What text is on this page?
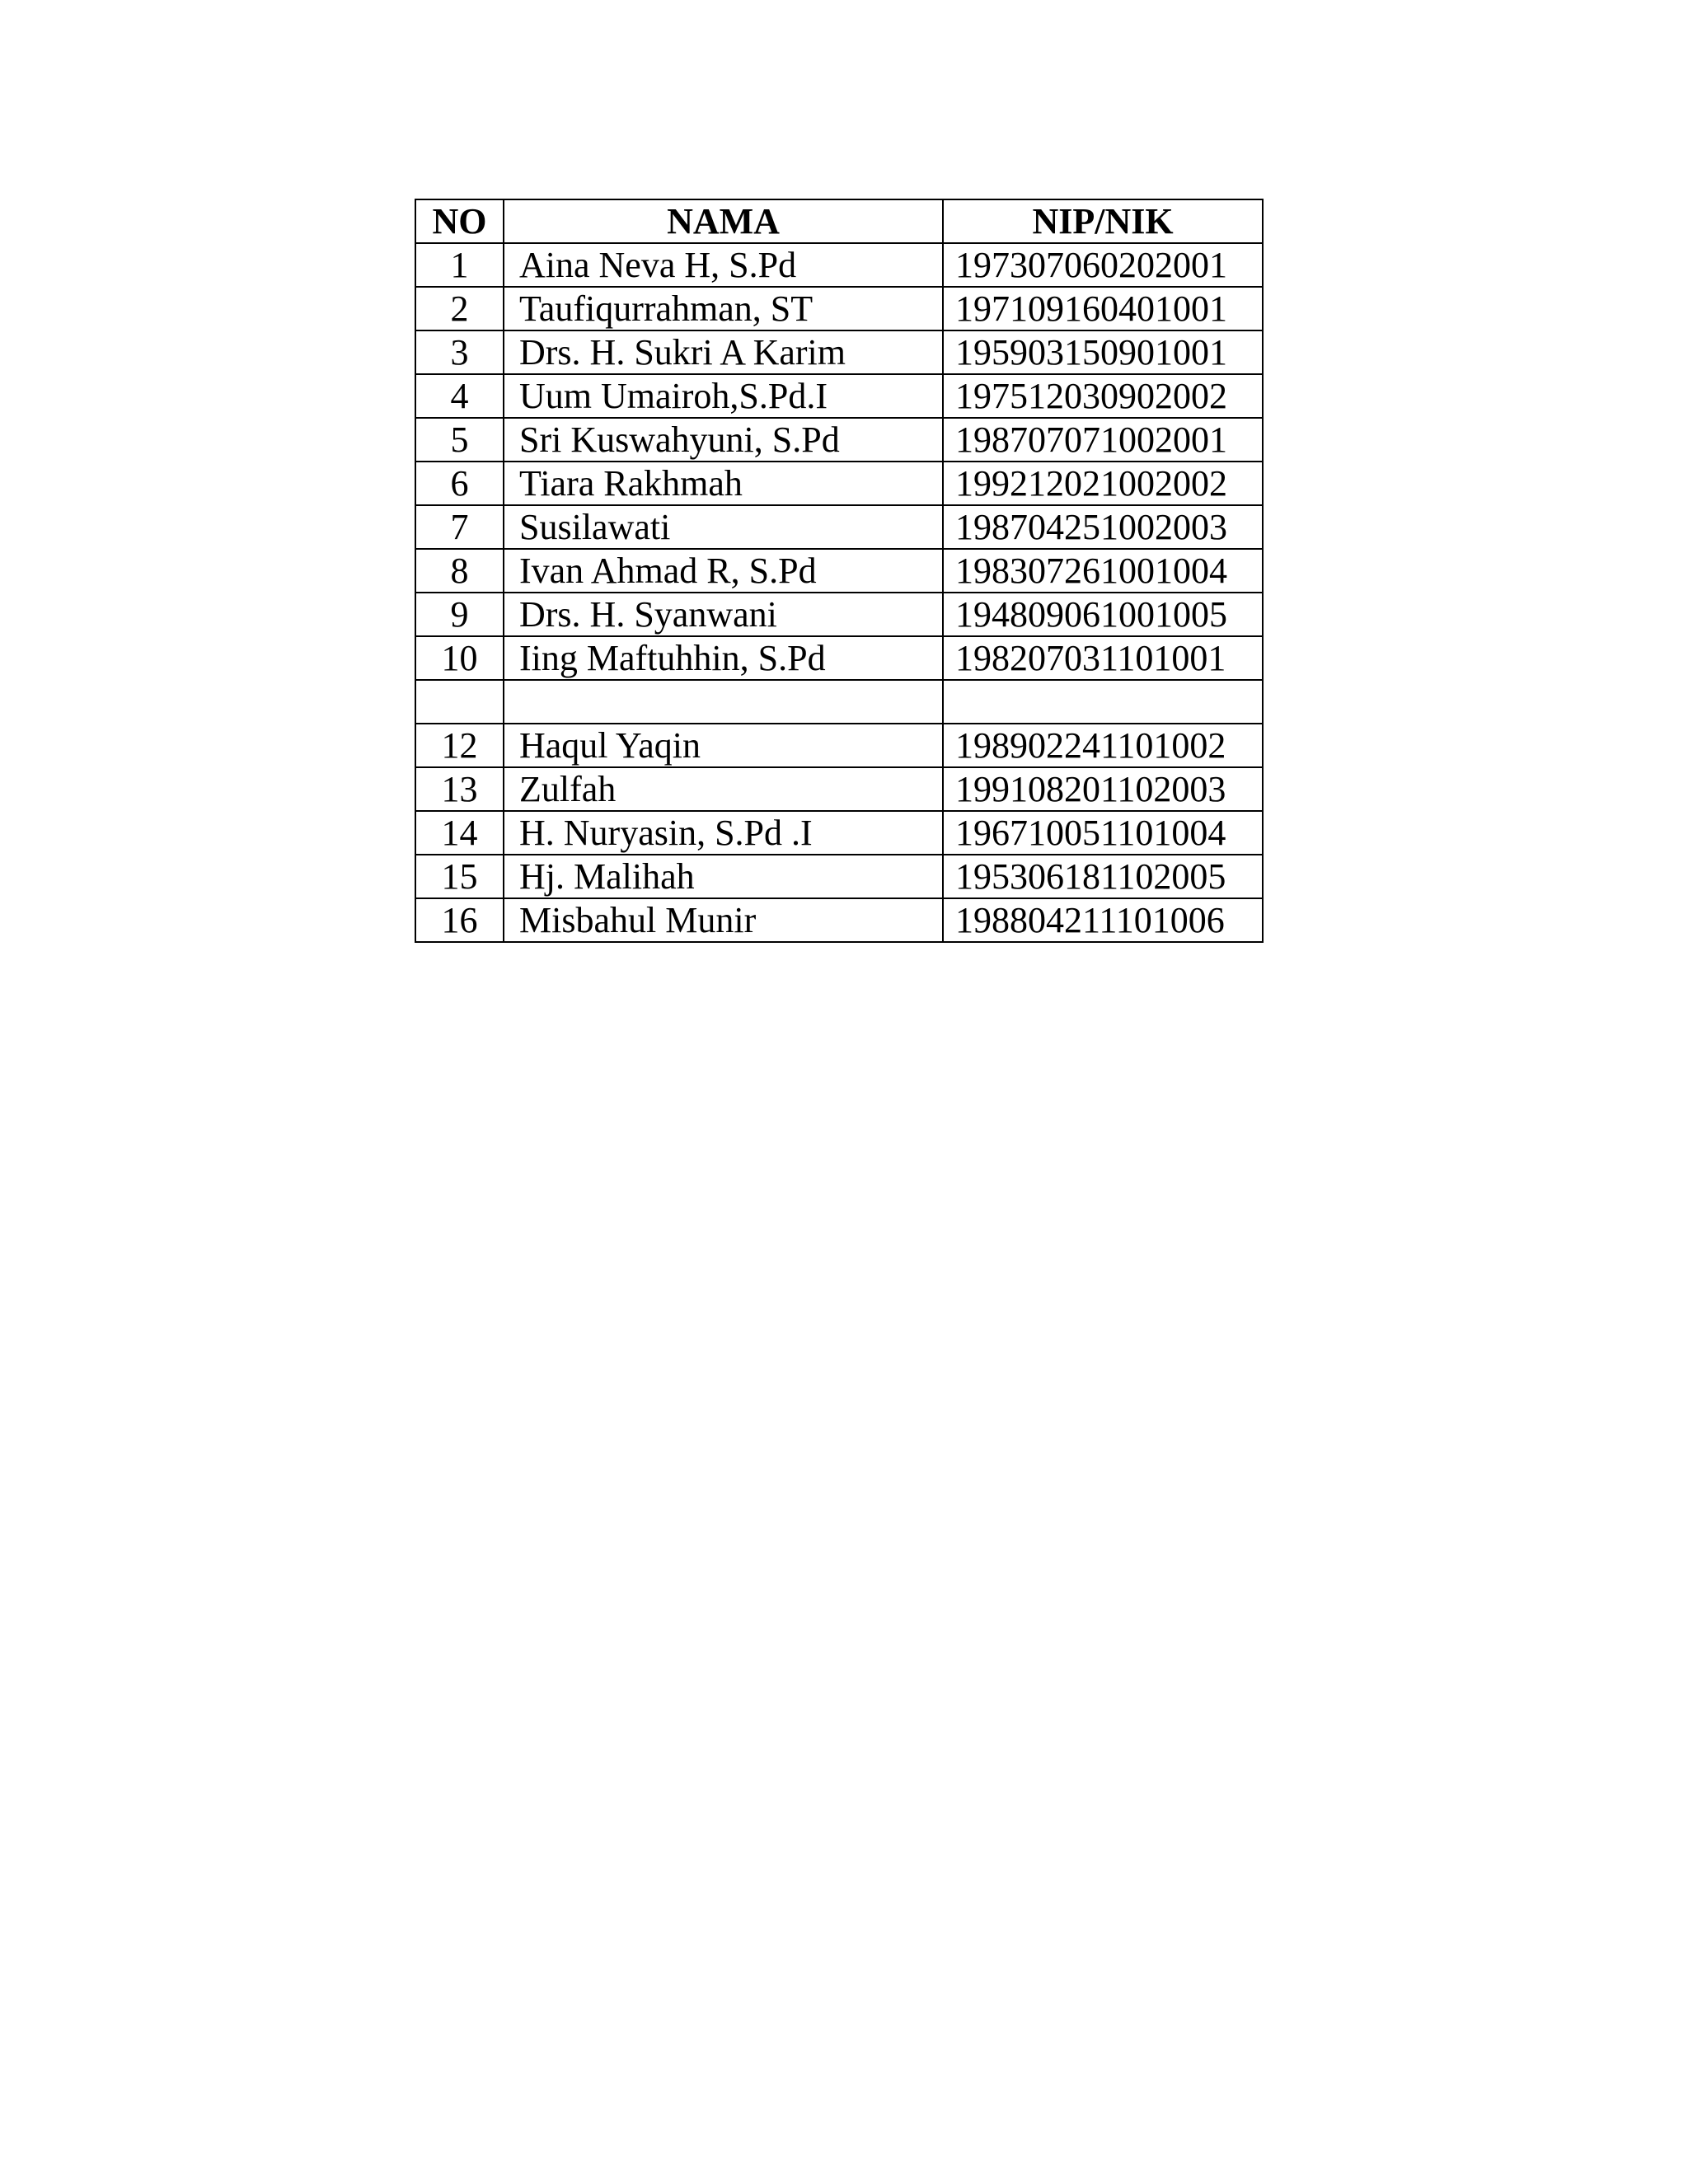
NO	NAMA	NIP/NIK
1	Aina Neva H, S.Pd	197307060202001
2	Taufiqurrahman, ST	197109160401001
3	Drs. H. Sukri A Karim	195903150901001
4	Uum Umairoh,S.Pd.I	197512030902002
5	Sri Kuswahyuni, S.Pd	198707071002001
6	Tiara Rakhmah	199212021002002
7	Susilawati	198704251002003
8	Ivan Ahmad R, S.Pd	198307261001004
9	Drs. H. Syanwani	194809061001005
10	Iing Maftuhhin, S.Pd	198207031101001

12	Haqul Yaqin	198902241101002
13	Zulfah	199108201102003
14	H. Nuryasin, S.Pd .I	196710051101004
15	Hj. Malihah	195306181102005
16	Misbahul Munir	198804211101006
